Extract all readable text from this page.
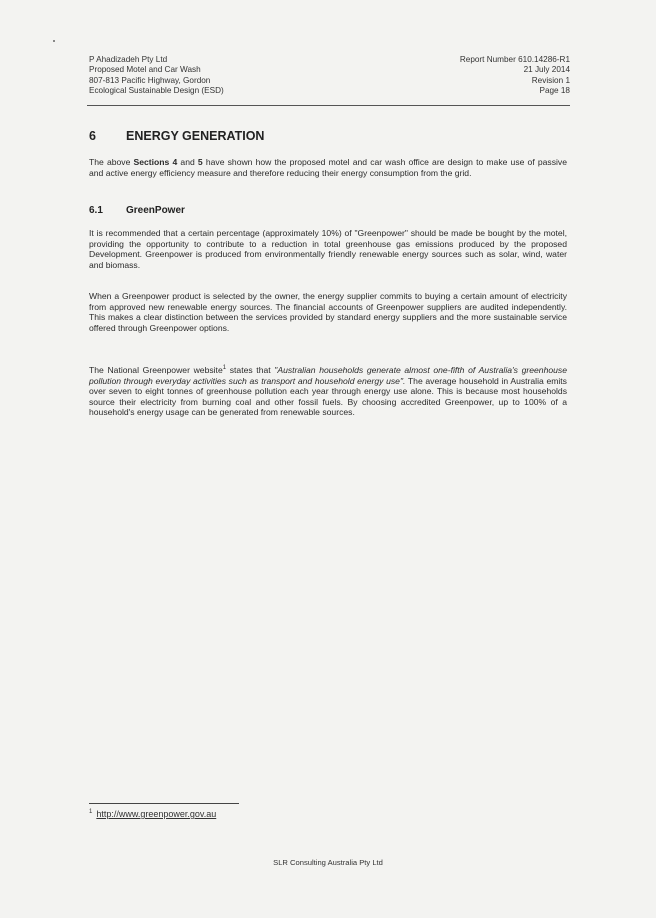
P Ahadizadeh Pty Ltd
Proposed Motel and Car Wash
807-813 Pacific Highway, Gordon
Ecological Sustainable Design (ESD)
Report Number 610.14286-R1
21 July 2014
Revision 1
Page 18
6 ENERGY GENERATION

The above Sections 4 and 5 have shown how the proposed motel and car wash office are design to make use of passive and active energy efficiency measure and therefore reducing their energy consumption from the grid.

6.1 GreenPower

It is recommended that a certain percentage (approximately 10%) of "Greenpower" should be made be bought by the motel, providing the opportunity to contribute to a reduction in total greenhouse gas emissions produced by the proposed Development. Greenpower is produced from environmentally friendly renewable energy sources such as solar, wind, water and biomass.

When a Greenpower product is selected by the owner, the energy supplier commits to buying a certain amount of electricity from approved new renewable energy sources. The financial accounts of Greenpower suppliers are audited independently. This makes a clear distinction between the services provided by standard energy suppliers and the more sustainable service offered through Greenpower options.

The National Greenpower website$^1$ states that "Australian households generate almost one-fifth of Australia's greenhouse pollution through everyday activities such as transport and household energy use". The average household in Australia emits over seven to eight tonnes of greenhouse pollution each year through energy use alone. This is because most households source their electricity from burning coal and other fossil fuels. By choosing accredited Greenpower, up to 100% of a household's energy usage can be generated from renewable sources.

$^1$ http://www.greenpower.gov.au
SLR Consulting Australia Pty Ltd
